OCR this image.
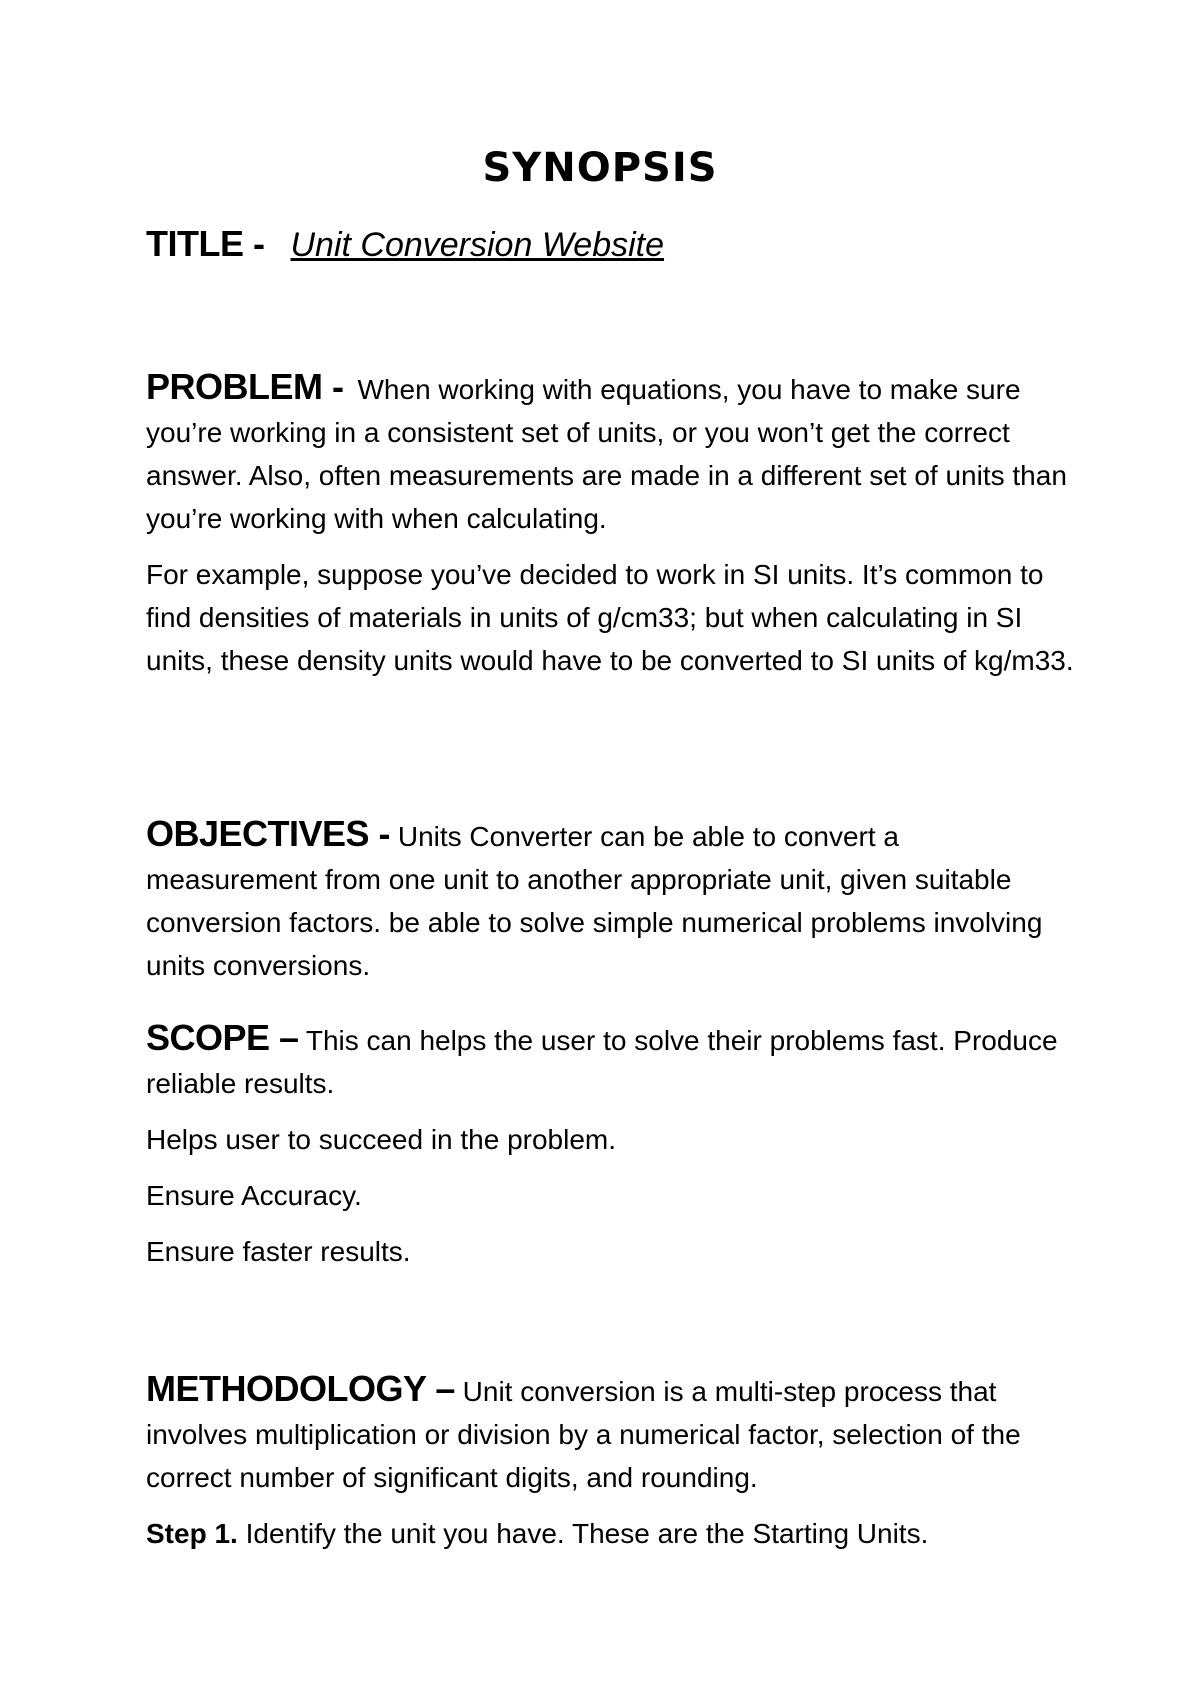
SYNOPSIS
TITLE - Unit Conversion Website

PROBLEM - When working with equations, you have to make sure you’re working in a consistent set of units, or you won’t get the correct answer. Also, often measurements are made in a different set of units than you’re working with when calculating.

For example, suppose you’ve decided to work in SI units. It’s common to find densities of materials in units of g/cm33; but when calculating in SI units, these density units would have to be converted to SI units of kg/m33.

OBJECTIVES - Units Converter can be able to convert a measurement from one unit to another appropriate unit, given suitable conversion factors. be able to solve simple numerical problems involving units conversions.

SCOPE – This can helps the user to solve their problems fast. Produce reliable results.

Helps user to succeed in the problem.

Ensure Accuracy.

Ensure faster results.

METHODOLOGY – Unit conversion is a multi-step process that involves multiplication or division by a numerical factor, selection of the correct number of significant digits, and rounding.

Step 1. Identify the unit you have. These are the Starting Units.
